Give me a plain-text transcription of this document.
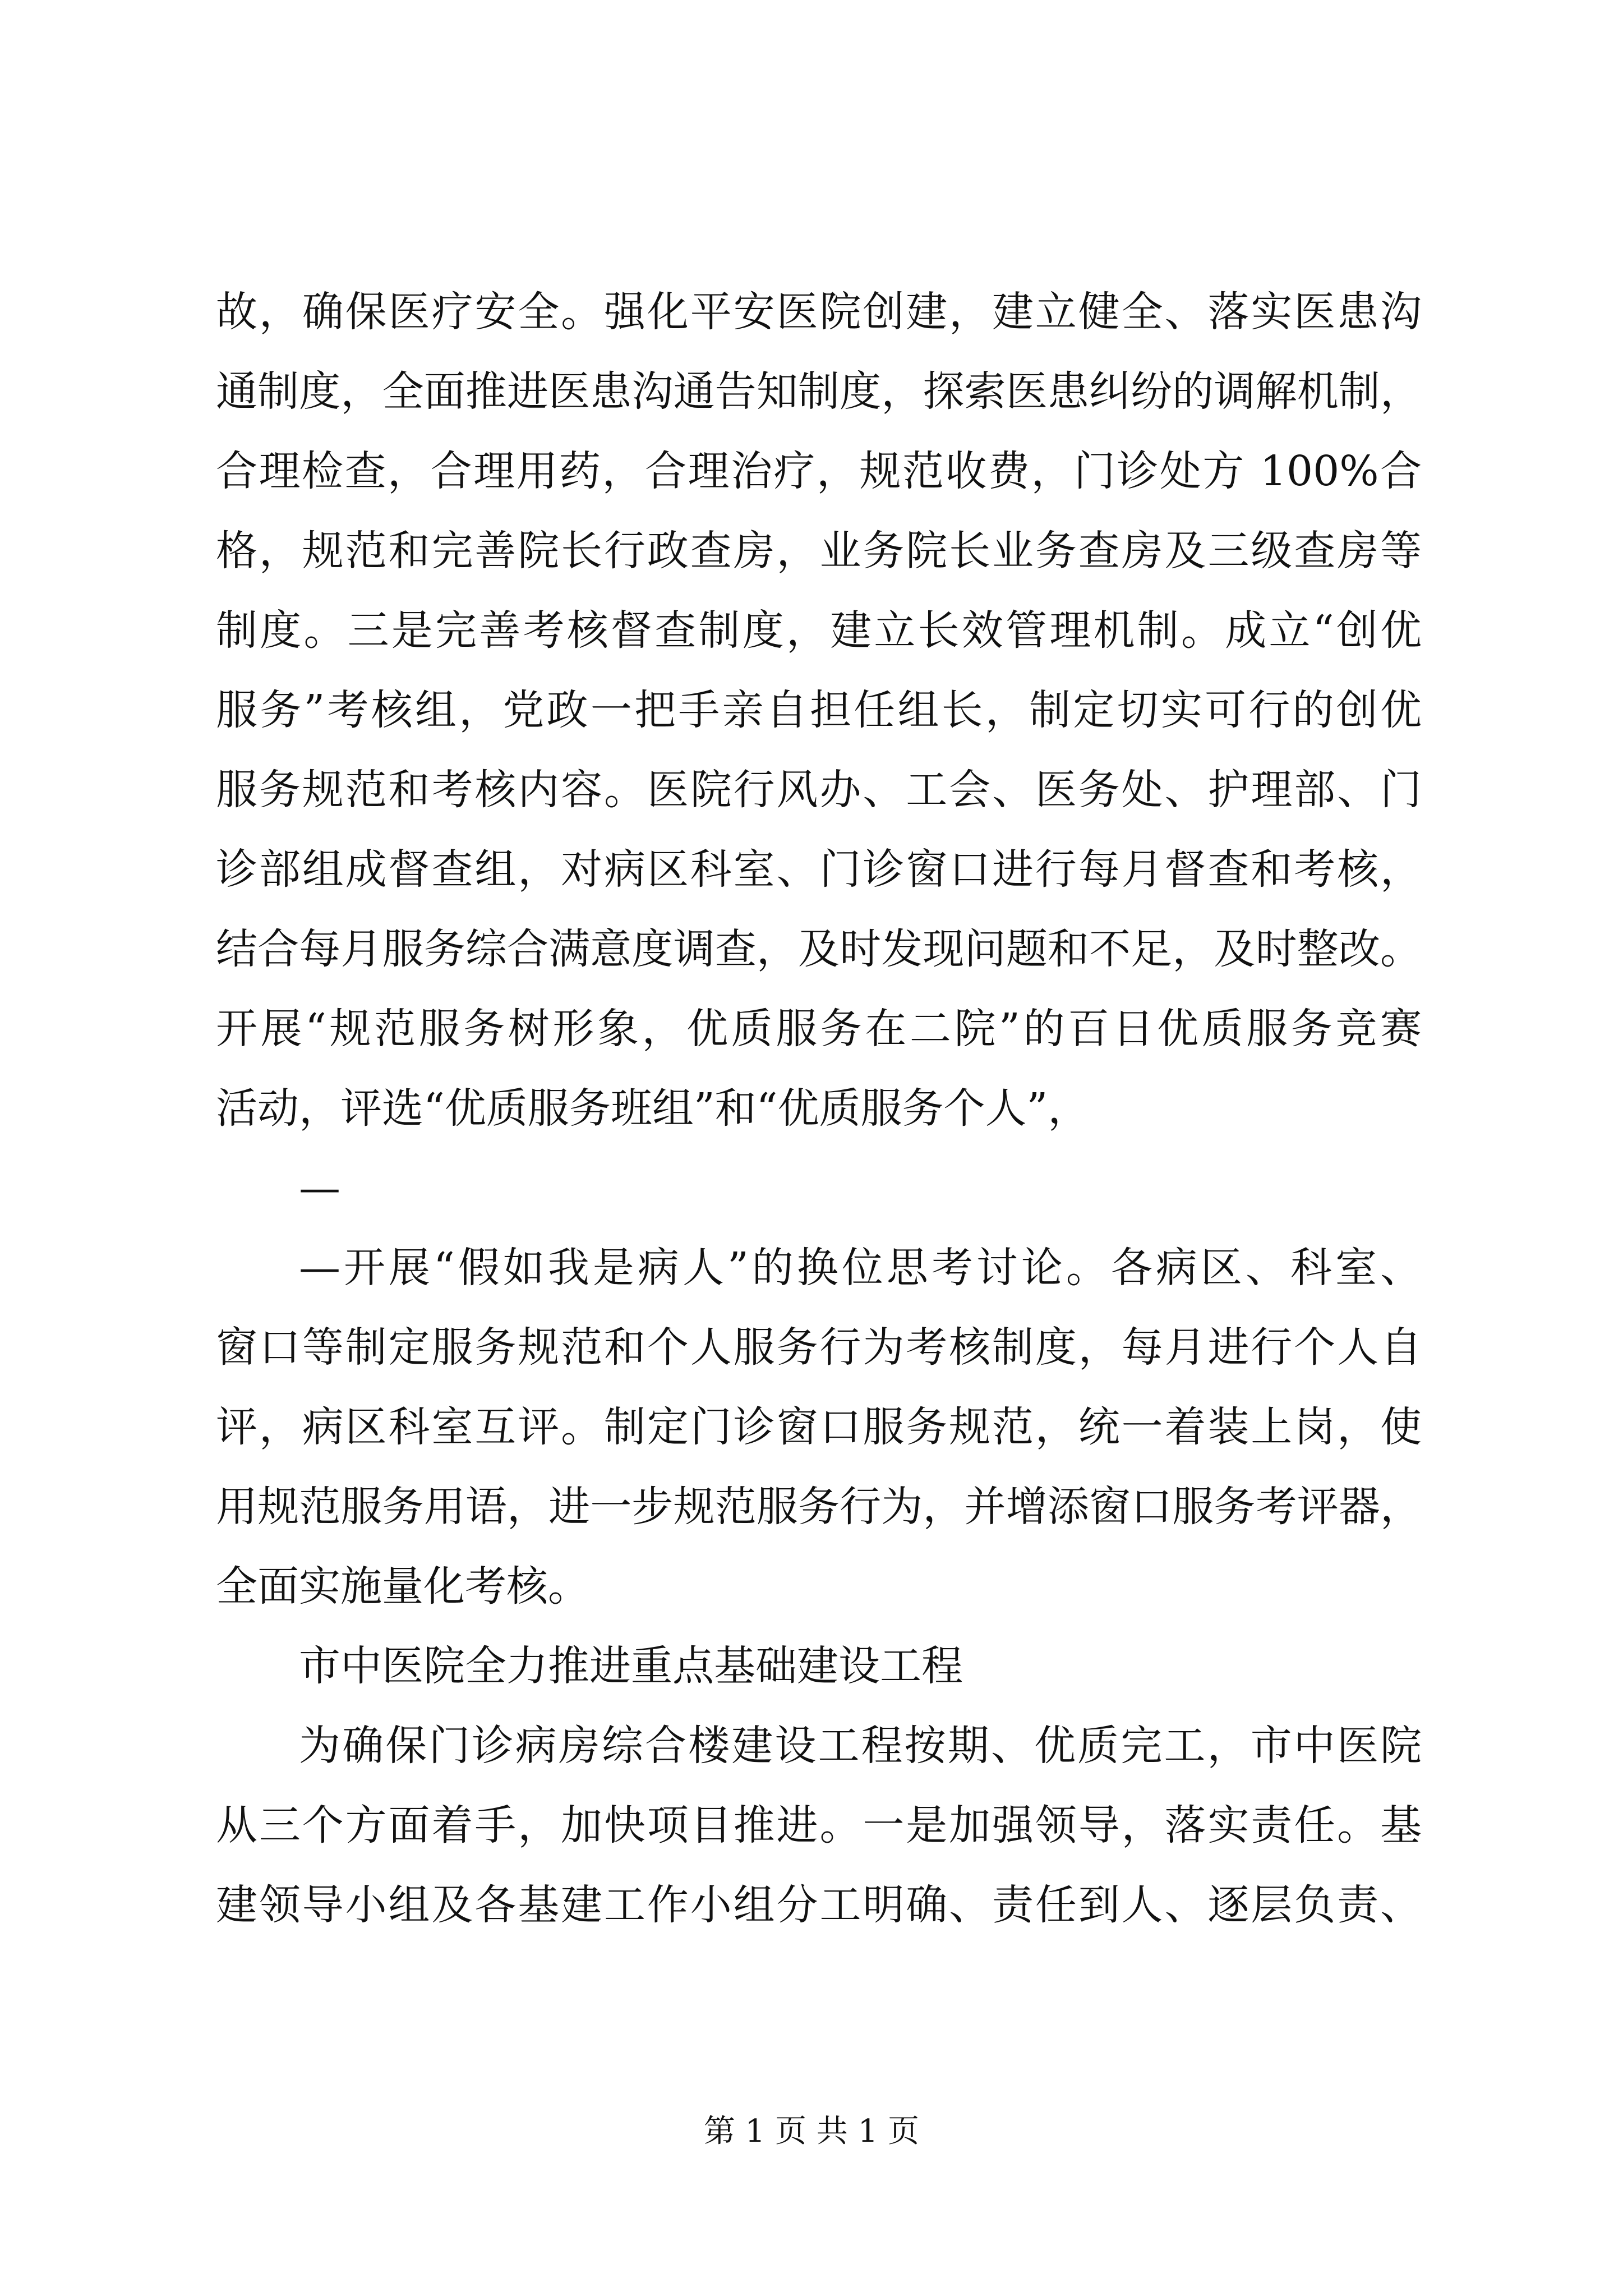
故，确保医疗安全。强化平安医院创建，建立健全、落实医患沟
通制度，全面推进医患沟通告知制度，探索医患纠纷的调解机制，
合理检查，合理用药，合理治疗，规范收费，门诊处方 100%合
格，规范和完善院长行政查房，业务院长业务查房及三级查房等
制度。三是完善考核督查制度，建立长效管理机制。成立“创优
服务”考核组，党政一把手亲自担任组长，制定切实可行的创优
服务规范和考核内容。医院行风办、工会、医务处、护理部、门
诊部组成督查组，对病区科室、门诊窗口进行每月督查和考核，
结合每月服务综合满意度调查，及时发现问题和不足，及时整改。
开展“规范服务树形象，优质服务在二院”的百日优质服务竞赛
活动，评选“优质服务班组”和“优质服务个人”，
—
—开展“假如我是病人”的换位思考讨论。各病区、科室、
窗口等制定服务规范和个人服务行为考核制度，每月进行个人自
评，病区科室互评。制定门诊窗口服务规范，统一着装上岗，使
用规范服务用语，进一步规范服务行为，并增添窗口服务考评器，
全面实施量化考核。
市中医院全力推进重点基础建设工程
为确保门诊病房综合楼建设工程按期、优质完工，市中医院
从三个方面着手，加快项目推进。一是加强领导，落实责任。基
建领导小组及各基建工作小组分工明确、责任到人、逐层负责、
第 1 页 共 1 页
